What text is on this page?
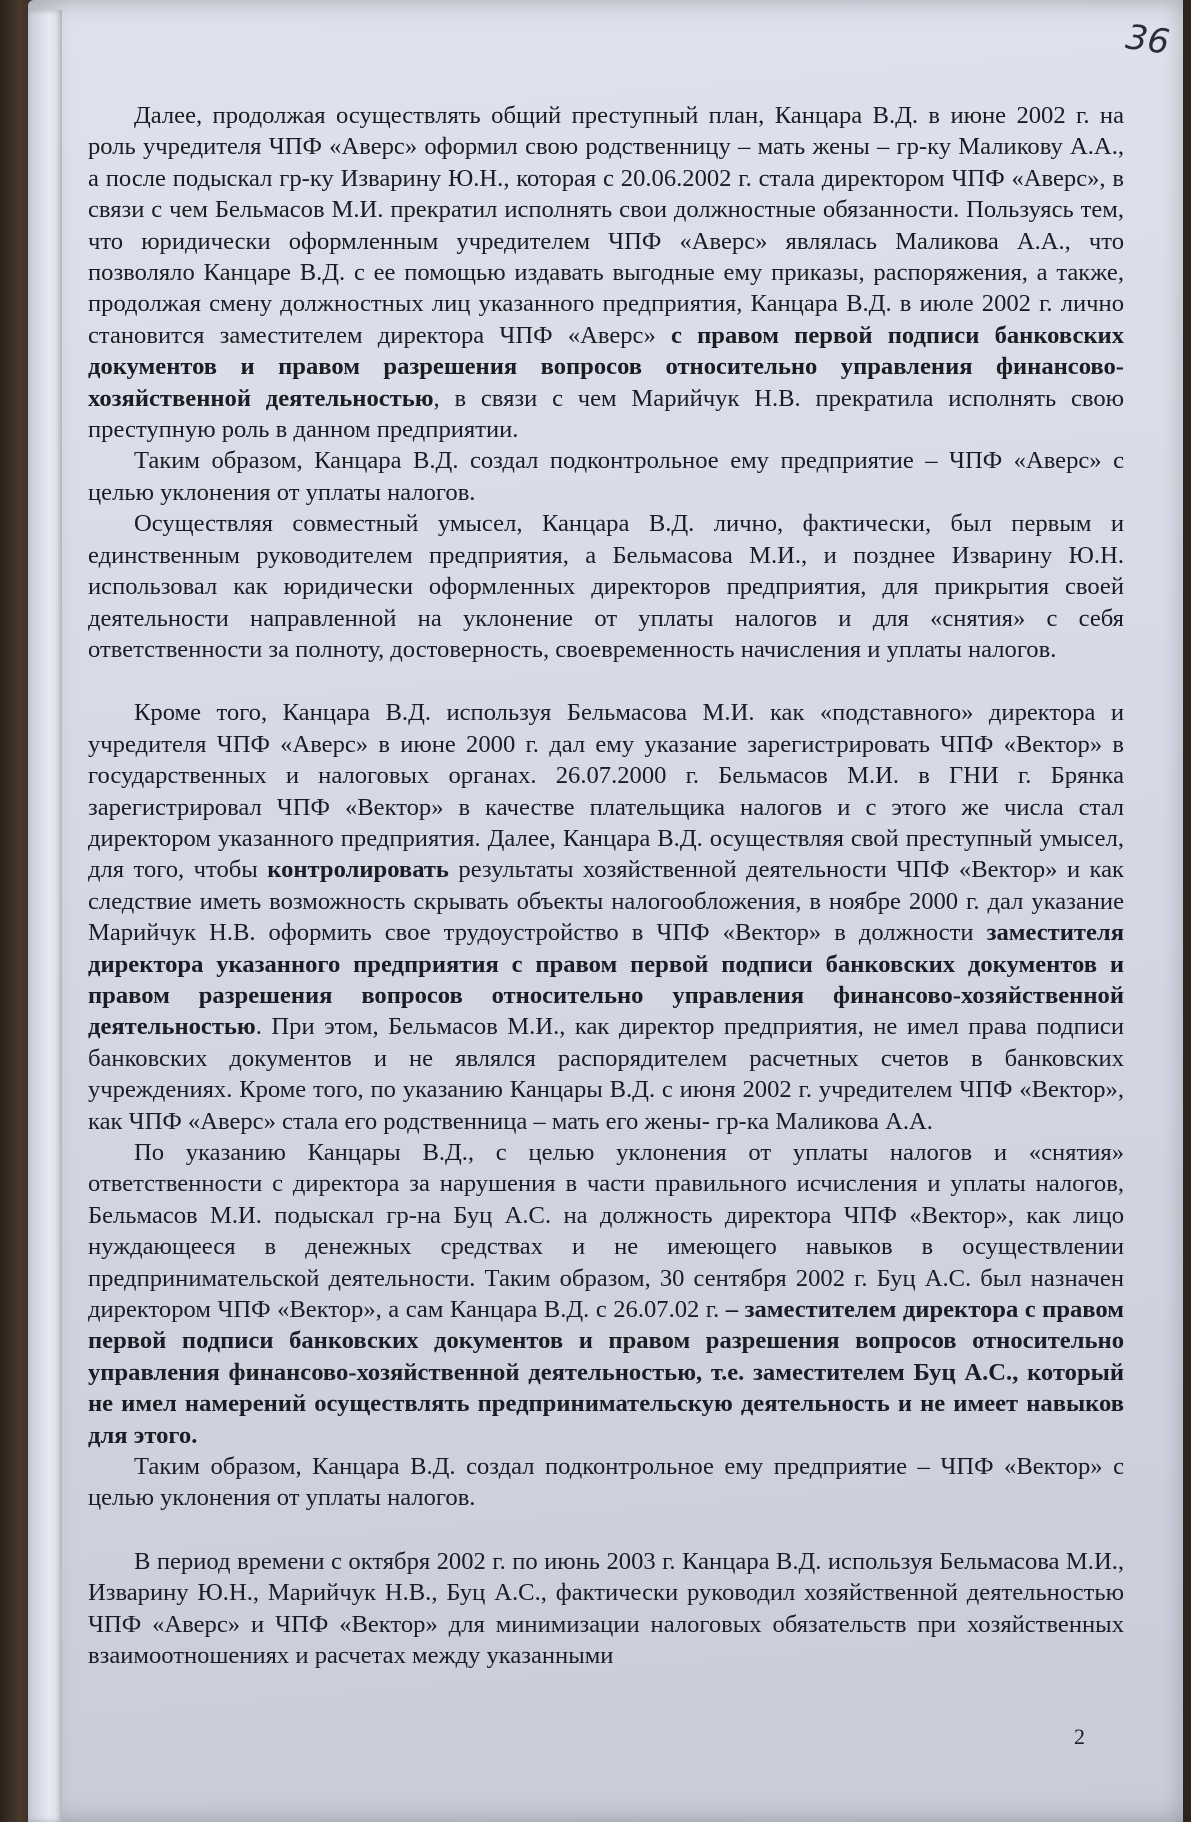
36

Далее, продолжая осуществлять общий преступный план, Канцара В.Д. в июне 2002 г. на роль учредителя ЧПФ «Аверс» оформил свою родственницу – мать жены – гр-ку Маликову А.А., а после подыскал гр-ку Изварину Ю.Н., которая с 20.06.2002 г. стала директором ЧПФ «Аверс», в связи с чем Бельмасов М.И. прекратил исполнять свои должностные обязанности. Пользуясь тем, что юридически оформленным учредителем ЧПФ «Аверс» являлась Маликова А.А., что позволяло Канцаре В.Д. с ее помощью издавать выгодные ему приказы, распоряжения, а также, продолжая смену должностных лиц указанного предприятия, Канцара В.Д. в июле 2002 г. лично становится заместителем директора ЧПФ «Аверс» с правом первой подписи банковских документов и правом разрешения вопросов относительно управления финансово-хозяйственной деятельностью, в связи с чем Марийчук Н.В. прекратила исполнять свою преступную роль в данном предприятии.

Таким образом, Канцара В.Д. создал подконтрольное ему предприятие – ЧПФ «Аверс» с целью уклонения от уплаты налогов.

Осуществляя совместный умысел, Канцара В.Д. лично, фактически, был первым и единственным руководителем предприятия, а Бельмасова М.И., и позднее Изварину Ю.Н. использовал как юридически оформленных директоров предприятия, для прикрытия своей деятельности направленной на уклонение от уплаты налогов и для «снятия» с себя ответственности за полноту, достоверность, своевременность начисления и уплаты налогов.

Кроме того, Канцара В.Д. используя Бельмасова М.И. как «подставного» директора и учредителя ЧПФ «Аверс» в июне 2000 г. дал ему указание зарегистрировать ЧПФ «Вектор» в государственных и налоговых органах. 26.07.2000 г. Бельмасов М.И. в ГНИ г. Брянка зарегистрировал ЧПФ «Вектор» в качестве плательщика налогов и с этого же числа стал директором указанного предприятия. Далее, Канцара В.Д. осуществляя свой преступный умысел, для того, чтобы контролировать результаты хозяйственной деятельности ЧПФ «Вектор» и как следствие иметь возможность скрывать объекты налогообложения, в ноябре 2000 г. дал указание Марийчук Н.В. оформить свое трудоустройство в ЧПФ «Вектор» в должности заместителя директора указанного предприятия с правом первой подписи банковских документов и правом разрешения вопросов относительно управления финансово-хозяйственной деятельностью. При этом, Бельмасов М.И., как директор предприятия, не имел права подписи банковских документов и не являлся распорядителем расчетных счетов в банковских учреждениях. Кроме того, по указанию Канцары В.Д. с июня 2002 г. учредителем ЧПФ «Вектор», как ЧПФ «Аверс» стала его родственница – мать его жены- гр-ка Маликова А.А.

По указанию Канцары В.Д., с целью уклонения от уплаты налогов и «снятия» ответственности с директора за нарушения в части правильного исчисления и уплаты налогов, Бельмасов М.И. подыскал гр-на Буц А.С. на должность директора ЧПФ «Вектор», как лицо нуждающееся в денежных средствах и не имеющего навыков в осуществлении предпринимательской деятельности. Таким образом, 30 сентября 2002 г. Буц А.С. был назначен директором ЧПФ «Вектор», а сам Канцара В.Д. с 26.07.02 г. – заместителем директора с правом первой подписи банковских документов и правом разрешения вопросов относительно управления финансово-хозяйственной деятельностью, т.е. заместителем Буц А.С., который не имел намерений осуществлять предпринимательскую деятельность и не имеет навыков для этого.

Таким образом, Канцара В.Д. создал подконтрольное ему предприятие – ЧПФ «Вектор» с целью уклонения от уплаты налогов.

В период времени с октября 2002 г. по июнь 2003 г. Канцара В.Д. используя Бельмасова М.И., Изварину Ю.Н., Марийчук Н.В., Буц А.С., фактически руководил хозяйственной деятельностью ЧПФ «Аверс» и ЧПФ «Вектор» для минимизации налоговых обязательств при хозяйственных взаимоотношениях и расчетах между указанными

2
